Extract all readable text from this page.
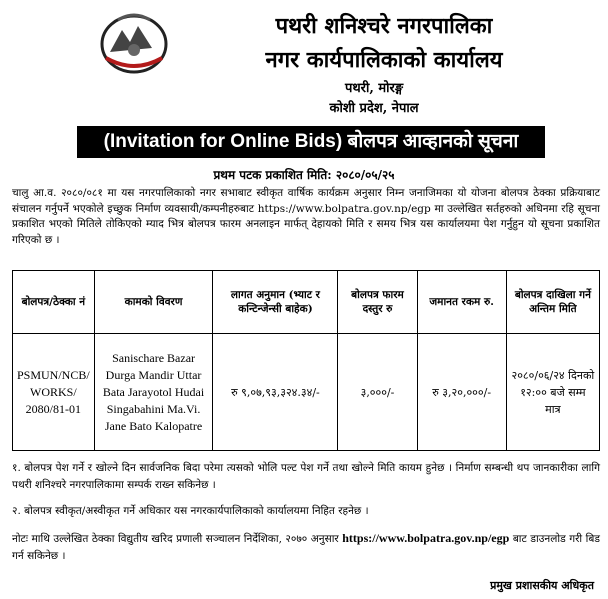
पथरी शनिश्चरे नगरपालिका
नगर कार्यपालिकाको कार्यालय
पथरी, मोरङ्ग
कोशी प्रदेश, नेपाल
(Invitation for Online Bids) बोलपत्र आव्हानको सूचना
प्रथम पटक प्रकाशित मिति: २०८०/०५/२५
चालु आ.व. २०८०/०८१ मा यस नगरपालिकाको नगर सभाबाट स्वीकृत वार्षिक कार्यक्रम अनुसार निम्न जनाजिमका यो योजना बोलपत्र ठेक्का प्रक्रियाबाट संचालन गर्नुपर्ने भएकोले इच्छुक निर्माण व्यवसायी/कम्पनीहरुबाट https://www.bolpatra.gov.np/egp मा उल्लेखित सर्तहरुको अधिनमा रहि सूचना प्रकाशित भएको मितिले तोकिएको म्याद भित्र बोलपत्र फारम अनलाइन मार्फत् देहायको मिति र समय भित्र यस कार्यालयमा पेश गर्नुहुन यो सूचना प्रकाशित गरिएको छ ।
बोलपत्र/ठेक्का नं	कामको विवरण	लागत अनुमान (भ्याट र कन्टिन्जेन्सी बाहेक)	बोलपत्र फारम दस्तुर रु	जमानत रकम रु.	बोलपत्र दाखिला गर्ने अन्तिम मिति
PSMUN/NCB/ WORKS/ 2080/81-01	Sanischare Bazar Durga Mandir Uttar Bata Jarayotol Hudai Singabahini Ma.Vi. Jane Bato Kalopatre	रु ९,०७,९३,३२४.३४/-	३,०००/-	रु ३,२०,०००/-	२०८०/०६/२४ दिनको १२:०० बजे सम्म मात्र
१. बोलपत्र पेश गर्ने र खोल्ने दिन सार्वजनिक बिदा परेमा त्यसको भोलि पल्ट पेश गर्ने तथा खोल्ने मिति कायम हुनेछ । निर्माण सम्बन्धी थप जानकारीका लागि पथरी शनिश्चरे नगरपालिकामा सम्पर्क राख्न सकिनेछ ।
२. बोलपत्र स्वीकृत/अस्वीकृत गर्ने अधिकार यस नगरकार्यपालिकाको कार्यालयमा निहित रहनेछ ।
नोटः माथि उल्लेखित ठेक्का विद्युतीय खरिद प्रणाली सञ्चालन निर्देशिका, २०७० अनुसार https://www.bolpatra.gov.np/egp बाट डाउनलोड गरी बिड गर्न सकिनेछ ।
प्रमुख प्रशासकीय अधिकृत
